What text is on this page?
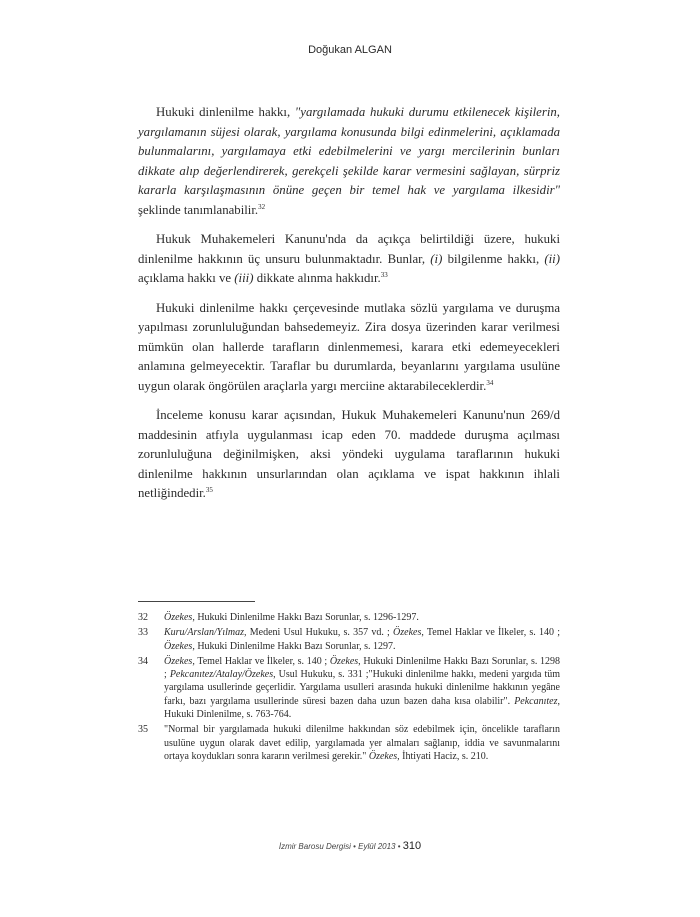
Doğukan ALGAN

Hukuki dinlenilme hakkı, "yargılamada hukuki durumu etkilenecek kişilerin, yargılamanın süjesi olarak, yargılama konusunda bilgi edinmelerini, açıklamada bulunmalarını, yargılamaya etki edebilmelerini ve yargı mercilerinin bunları dikkate alıp değerlendirerek, gerekçeli şekilde karar vermesini sağlayan, sürpriz kararla karşılaşmasının önüne geçen bir temel hak ve yargılama ilkesidir" şeklinde tanımlanabilir.$^{32}$

Hukuk Muhakemeleri Kanunu'nda da açıkça belirtildiği üzere, hukuki dinlenilme hakkının üç unsuru bulunmaktadır. Bunlar, (i) bilgilenme hakkı, (ii) açıklama hakkı ve (iii) dikkate alınma hakkıdır.$^{33}$

Hukuki dinlenilme hakkı çerçevesinde mutlaka sözlü yargılama ve duruşma yapılması zorunluluğundan bahsedemeyiz. Zira dosya üzerinden karar verilmesi mümkün olan hallerde tarafların dinlenmemesi, karara etki edemeyecekleri anlamına gelmeyecektir. Taraflar bu durumlarda, beyanlarını yargılama usulüne uygun olarak öngörülen araçlarla yargı merciine aktarabileceklerdir.$^{34}$

İnceleme konusu karar açısından, Hukuk Muhakemeleri Kanunu'nun 269/d maddesinin atfıyla uygulanması icap eden 70. maddede duruşma açılması zorunluluğuna değinilmişken, aksi yöndeki uygulama taraflarının hukuki dinlenilme hakkının unsurlarından olan açıklama ve ispat hakkının ihlali netliğindedir.$^{35}$

32	Özekes, Hukuki Dinlenilme Hakkı Bazı Sorunlar, s. 1296-1297.
33	Kuru/Arslan/Yılmaz, Medeni Usul Hukuku, s. 357 vd. ; Özekes, Temel Haklar ve İlkeler, s. 140 ; Özekes, Hukuki Dinlenilme Hakkı Bazı Sorunlar, s. 1297.
34	Özekes, Temel Haklar ve İlkeler, s. 140 ; Özekes, Hukuki Dinlenilme Hakkı Bazı Sorunlar, s. 1298 ; Pekcanıtez/Atalay/Özekes, Usul Hukuku, s. 331 ;"Hukuki dinlenilme hakkı, medeni yargıda tüm yargılama usullerinde geçerlidir. Yargılama usulleri arasında hukuki dinlenilme hakkının yegâne farkı, bazı yargılama usullerinde süresi bazen daha uzun bazen daha kısa olabilir". Pekcanıtez, Hukuki Dinlenilme, s. 763-764.
35	"Normal bir yargılamada hukuki dilenilme hakkından söz edebilmek için, öncelikle tarafların usulüne uygun olarak davet edilip, yargılamada yer almaları sağlanıp, iddia ve savunmalarını ortaya koydukları sonra kararın verilmesi gerekir." Özekes, İhtiyati Haciz, s. 210.
İzmir Barosu Dergisi • Eylül 2013 • 310
